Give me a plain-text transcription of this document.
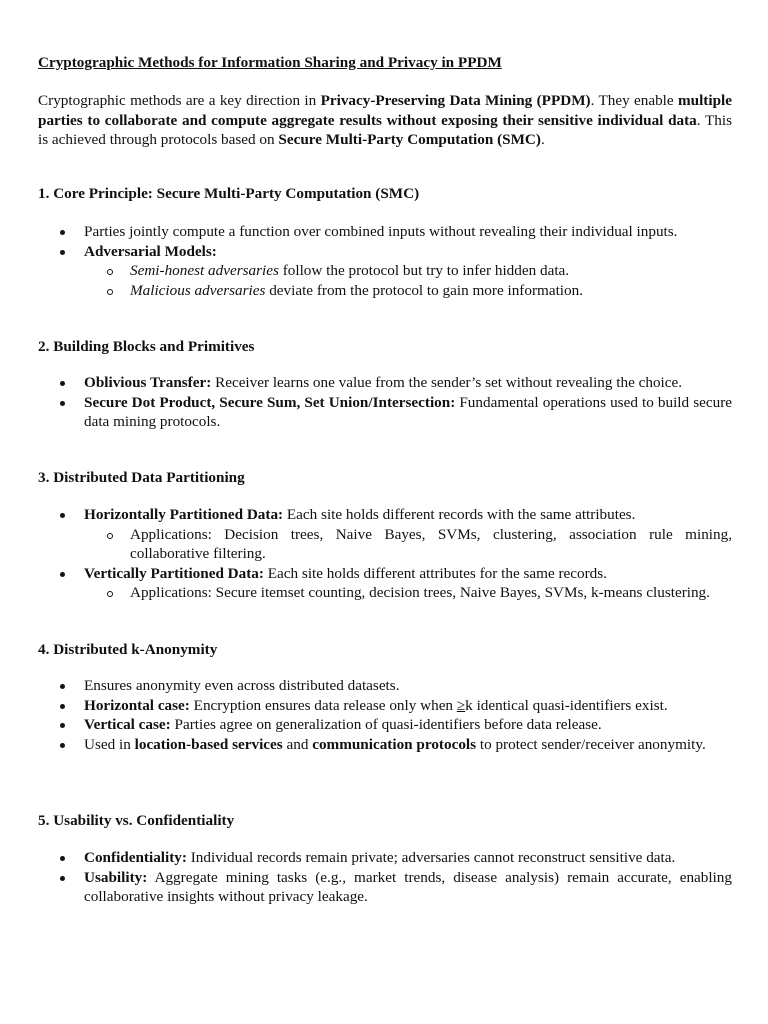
Cryptographic Methods for Information Sharing and Privacy in PPDM

Cryptographic methods are a key direction in Privacy-Preserving Data Mining (PPDM). They enable multiple parties to collaborate and compute aggregate results without exposing their sensitive individual data. This is achieved through protocols based on Secure Multi-Party Computation (SMC).

1. Core Principle: Secure Multi-Party Computation (SMC)

Parties jointly compute a function over combined inputs without revealing their individual inputs.
Adversarial Models:
Semi-honest adversaries follow the protocol but try to infer hidden data.
Malicious adversaries deviate from the protocol to gain more information.

2. Building Blocks and Primitives

Oblivious Transfer: Receiver learns one value from the sender’s set without revealing the choice.
Secure Dot Product, Secure Sum, Set Union/Intersection: Fundamental operations used to build secure data mining protocols.

3. Distributed Data Partitioning

Horizontally Partitioned Data: Each site holds different records with the same attributes.
Applications: Decision trees, Naive Bayes, SVMs, clustering, association rule mining, collaborative filtering.
Vertically Partitioned Data: Each site holds different attributes for the same records.
Applications: Secure itemset counting, decision trees, Naive Bayes, SVMs, k-means clustering.

4. Distributed k-Anonymity

Ensures anonymity even across distributed datasets.
Horizontal case: Encryption ensures data release only when ≥k identical quasi-identifiers exist.
Vertical case: Parties agree on generalization of quasi-identifiers before data release.
Used in location-based services and communication protocols to protect sender/receiver anonymity.

5. Usability vs. Confidentiality

Confidentiality: Individual records remain private; adversaries cannot reconstruct sensitive data.
Usability: Aggregate mining tasks (e.g., market trends, disease analysis) remain accurate, enabling collaborative insights without privacy leakage.
